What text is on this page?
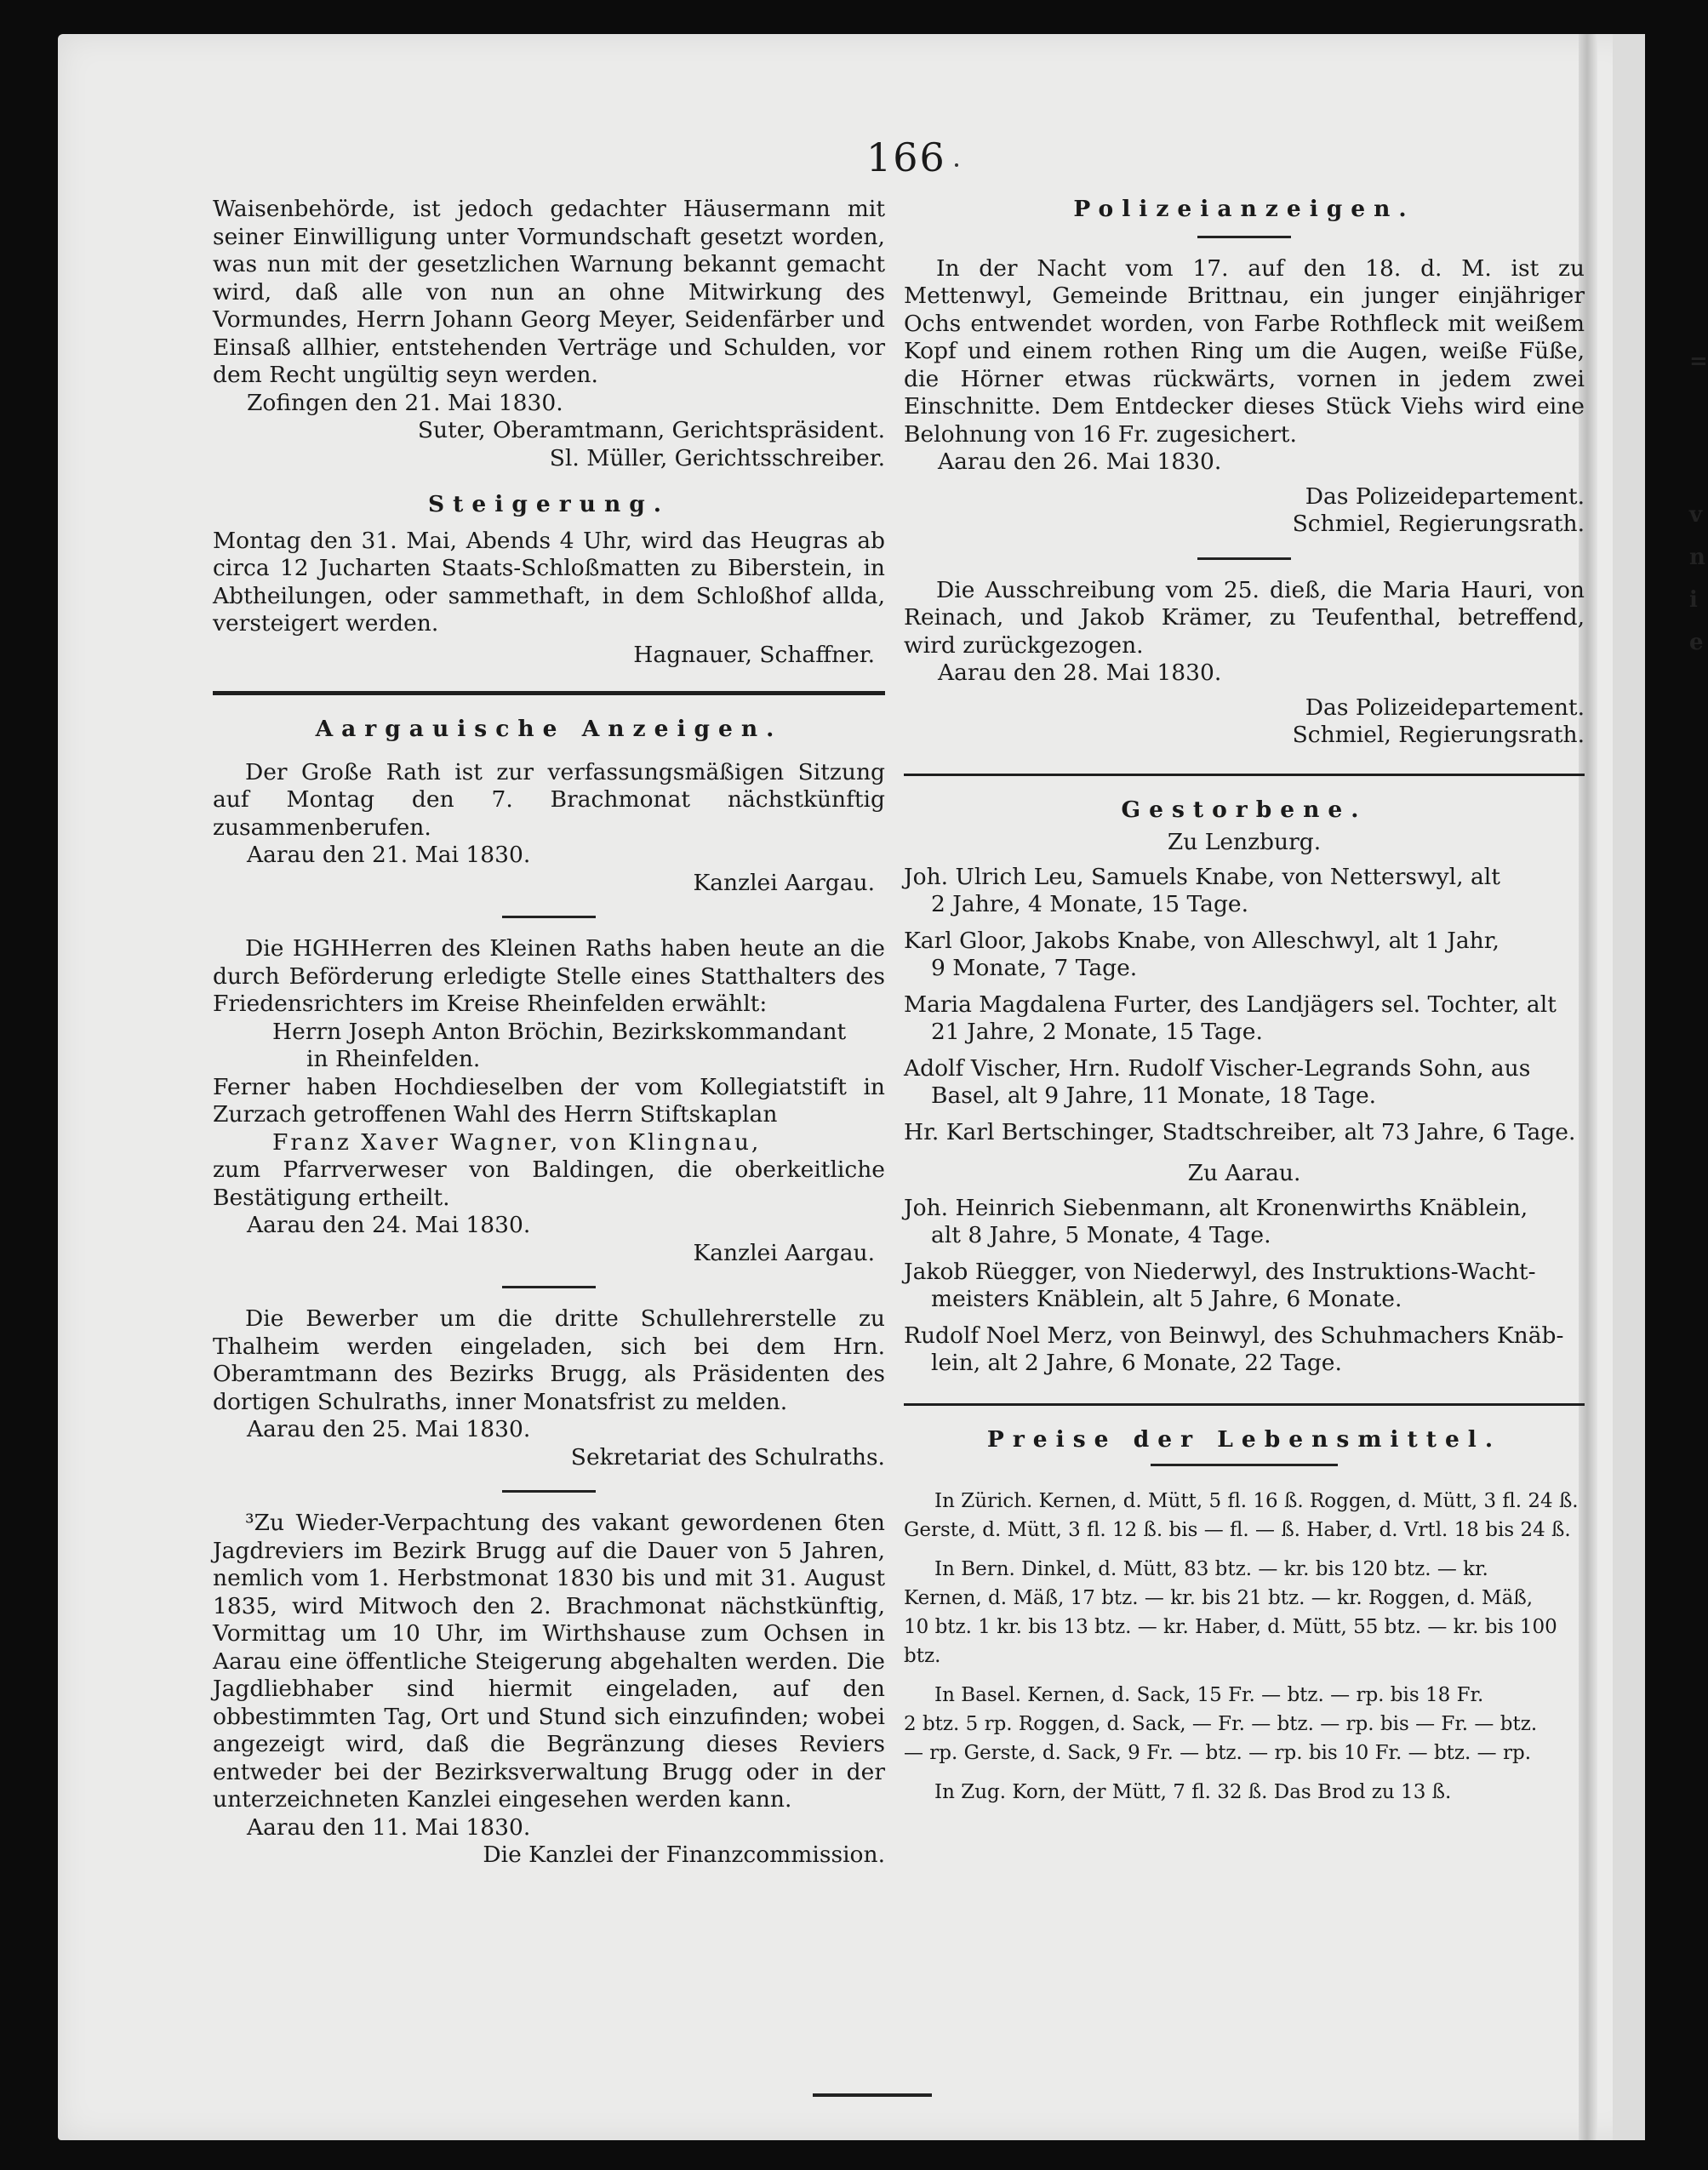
=
v
n
i
e
166

Waisenbehörde, ist jedoch gedachter Häusermann mit seiner Einwilligung unter Vormundschaft gesetzt worden, was nun mit der gesetzlichen Warnung bekannt gemacht wird, daß alle von nun an ohne Mitwirkung des Vormundes, Herrn Johann Georg Meyer, Seidenfärber und Einsaß allhier, entstehenden Verträge und Schulden, vor dem Recht ungültig seyn werden.

Zofingen den 21. Mai 1830.

Suter, Oberamtmann, Gerichtspräsident.

Sl. Müller, Gerichtsschreiber.

Steigerung.

Montag den 31. Mai, Abends 4 Uhr, wird das Heugras ab circa 12 Jucharten Staats-Schloßmatten zu Biberstein, in Abtheilungen, oder sammethaft, in dem Schloßhof allda, versteigert werden.

Hagnauer, Schaffner.

Aargauische Anzeigen.

Der Große Rath ist zur verfassungsmäßigen Sitzung auf Montag den 7. Brachmonat nächstkünftig zusammenberufen.

Aarau den 21. Mai 1830.

Kanzlei Aargau.

Die HGHHerren des Kleinen Raths haben heute an die durch Beförderung erledigte Stelle eines Statthalters des Friedensrichters im Kreise Rheinfelden erwählt:

Herrn Joseph Anton Bröchin, Bezirkskommandant

in Rheinfelden.

Ferner haben Hochdieselben der vom Kollegiatstift in Zurzach getroffenen Wahl des Herrn Stiftskaplan

Franz Xaver Wagner, von Klingnau,

zum Pfarrverweser von Baldingen, die oberkeitliche Bestätigung ertheilt.

Aarau den 24. Mai 1830.

Kanzlei Aargau.

Die Bewerber um die dritte Schullehrerstelle zu Thalheim werden eingeladen, sich bei dem Hrn. Oberamtmann des Bezirks Brugg, als Präsidenten des dortigen Schulraths, inner Monatsfrist zu melden.

Aarau den 25. Mai 1830.

Sekretariat des Schulraths.

³Zu Wieder-Verpachtung des vakant gewordenen 6ten Jagdreviers im Bezirk Brugg auf die Dauer von 5 Jahren, nemlich vom 1. Herbstmonat 1830 bis und mit 31. August 1835, wird Mitwoch den 2. Brachmonat nächstkünftig, Vormittag um 10 Uhr, im Wirthshause zum Ochsen in Aarau eine öffentliche Steigerung abgehalten werden. Die Jagdliebhaber sind hiermit eingeladen, auf den obbestimmten Tag, Ort und Stund sich einzufinden; wobei angezeigt wird, daß die Begränzung dieses Reviers entweder bei der Bezirksverwaltung Brugg oder in der unterzeichneten Kanzlei eingesehen werden kann.

Aarau den 11. Mai 1830.

Die Kanzlei der Finanzcommission.

Polizeianzeigen.

In der Nacht vom 17. auf den 18. d. M. ist zu Mettenwyl, Gemeinde Brittnau, ein junger einjähriger Ochs entwendet worden, von Farbe Rothfleck mit weißem Kopf und einem rothen Ring um die Augen, weiße Füße, die Hörner etwas rückwärts, vornen in jedem zwei Einschnitte. Dem Entdecker dieses Stück Viehs wird eine Belohnung von 16 Fr. zugesichert.

Aarau den 26. Mai 1830.

Das Polizeidepartement.

Schmiel, Regierungsrath.

Die Ausschreibung vom 25. dieß, die Maria Hauri, von Reinach, und Jakob Krämer, zu Teufenthal, betreffend, wird zurückgezogen.

Aarau den 28. Mai 1830.

Das Polizeidepartement.

Schmiel, Regierungsrath.

Gestorbene.

Zu Lenzburg.

Joh. Ulrich Leu, Samuels Knabe, von Netterswyl, alt
2 Jahre, 4 Monate, 15 Tage.
Karl Gloor, Jakobs Knabe, von Alleschwyl, alt 1 Jahr,
9 Monate, 7 Tage.
Maria Magdalena Furter, des Landjägers sel. Tochter, alt
21 Jahre, 2 Monate, 15 Tage.
Adolf Vischer, Hrn. Rudolf Vischer-Legrands Sohn, aus
Basel, alt 9 Jahre, 11 Monate, 18 Tage.
Hr. Karl Bertschinger, Stadtschreiber, alt 73 Jahre, 6 Tage.

Zu Aarau.

Joh. Heinrich Siebenmann, alt Kronenwirths Knäblein,
alt 8 Jahre, 5 Monate, 4 Tage.
Jakob Rüegger, von Niederwyl, des Instruktions-Wacht-
meisters Knäblein, alt 5 Jahre, 6 Monate.
Rudolf Noel Merz, von Beinwyl, des Schuhmachers Knäb-
lein, alt 2 Jahre, 6 Monate, 22 Tage.

Preise der Lebensmittel.

In Zürich. Kernen, d. Mütt, 5 fl. 16 ß. Roggen, d. Mütt, 3 fl. 24 ß.
Gerste, d. Mütt, 3 fl. 12 ß. bis — fl. — ß. Haber, d. Vrtl. 18 bis 24 ß.
In Bern. Dinkel, d. Mütt, 83 btz. — kr. bis 120 btz. — kr.
Kernen, d. Mäß, 17 btz. — kr. bis 21 btz. — kr. Roggen, d. Mäß,
10 btz. 1 kr. bis 13 btz. — kr. Haber, d. Mütt, 55 btz. — kr. bis 100 btz.
In Basel. Kernen, d. Sack, 15 Fr. — btz. — rp. bis 18 Fr.
2 btz. 5 rp. Roggen, d. Sack, — Fr. — btz. — rp. bis — Fr. — btz.
— rp. Gerste, d. Sack, 9 Fr. — btz. — rp. bis 10 Fr. — btz. — rp.
In Zug. Korn, der Mütt, 7 fl. 32 ß. Das Brod zu 13 ß.
